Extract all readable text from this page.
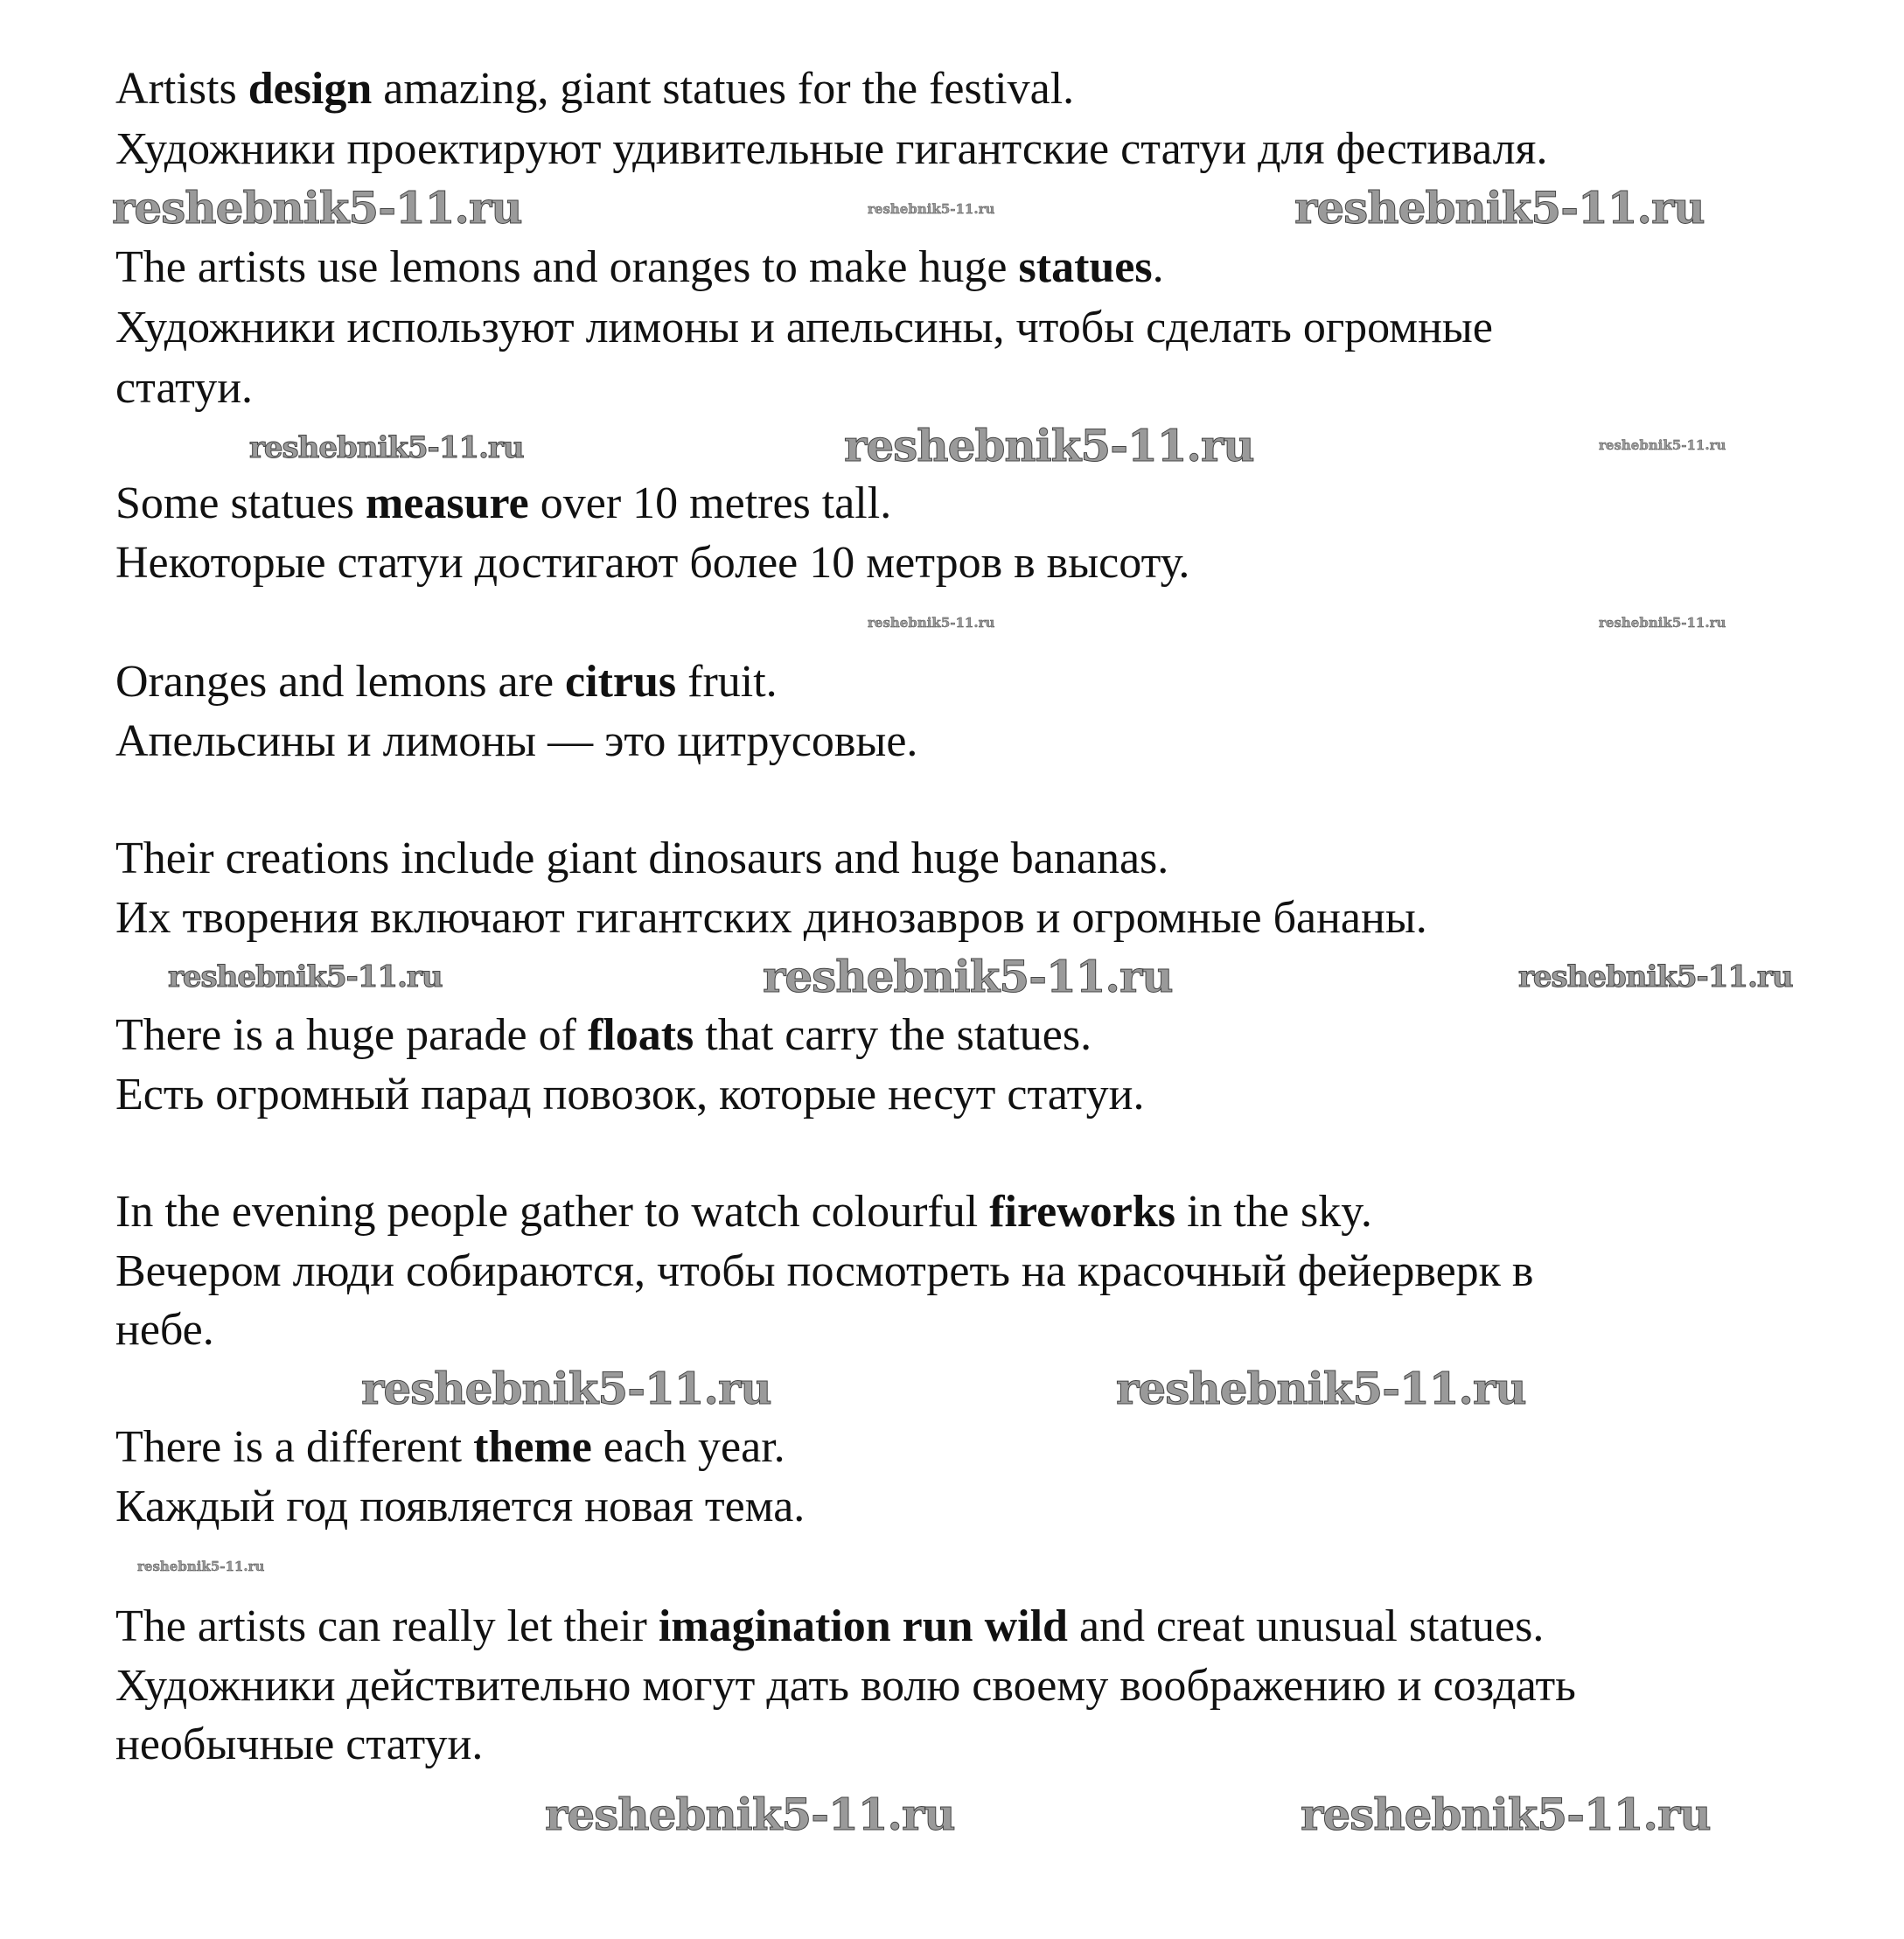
Artists design amazing, giant statues for the festival.
Художники проектируют удивительные гигантские статуи для фестиваля.
The artists use lemons and oranges to make huge statues.
Художники используют лимоны и апельсины, чтобы сделать огромные
статуи.
Some statues measure over 10 metres tall.
Некоторые статуи достигают более 10 метров в высоту.
Oranges and lemons are citrus fruit.
Апельсины и лимоны — это цитрусовые.
Their creations include giant dinosaurs and huge bananas.
Их творения включают гигантских динозавров и огромные бананы.
There is a huge parade of floats that carry the statues.
Есть огромный парад повозок, которые несут статуи.
In the evening people gather to watch colourful fireworks in the sky.
Вечером люди собираются, чтобы посмотреть на красочный фейерверк в
небе.
There is a different theme each year.
Каждый год появляется новая тема.
The artists can really let their imagination run wild and creat unusual statues.
Художники действительно могут дать волю своему воображению и создать
необычные статуи.
reshebnik5-11.ru	reshebnik5-11.ru
reshebnik5-11.ru
reshebnik5-11.ru	reshebnik5-11.ru	reshebnik5-11.ru
reshebnik5-11.ru	reshebnik5-11.ru
reshebnik5-11.ru	reshebnik5-11.ru	reshebnik5-11.ru
reshebnik5-11.ru	reshebnik5-11.ru
reshebnik5-11.ru
reshebnik5-11.ru	reshebnik5-11.ru
